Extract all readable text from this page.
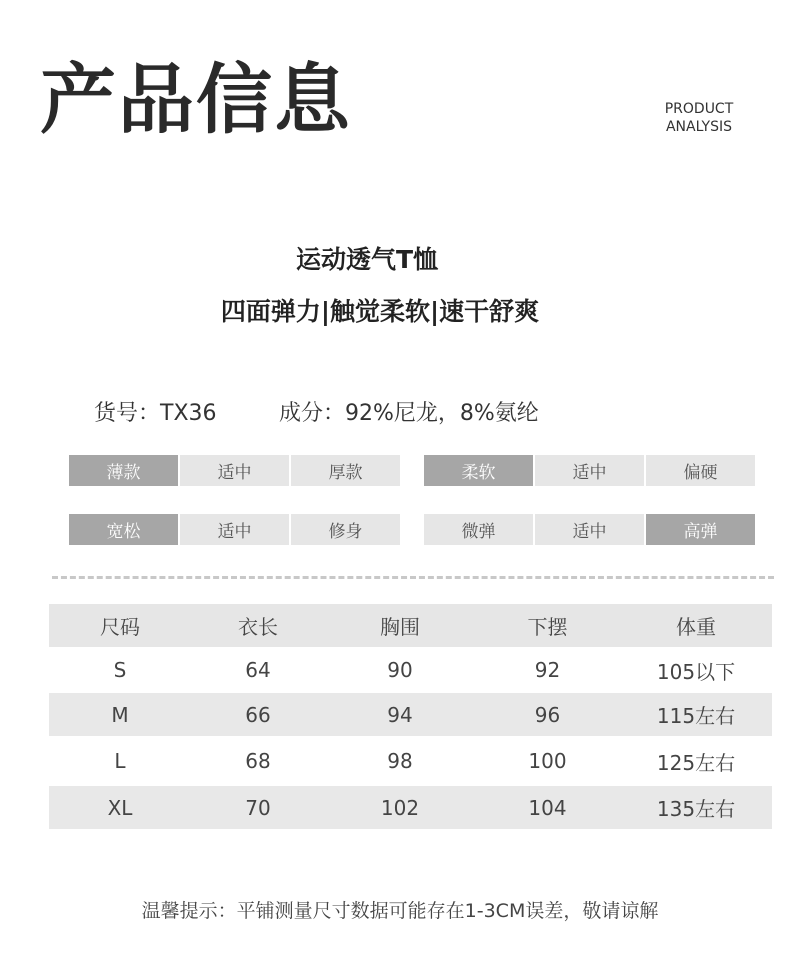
产品信息	PRODUCT
ANALYSIS
运动透气T恤
四面弹力|触觉柔软|速干舒爽
货号：TX36	成分：92%尼龙，8%氨纶
薄款	适中	厚款	柔软	适中	偏硬
宽松	适中	修身	微弹	适中	高弹
尺码	衣长	胸围	下摆	体重
S	64	90	92	105以下
M	66	94	96	115左右
L	68	98	100	125左右
XL	70	102	104	135左右
温馨提示：平铺测量尺寸数据可能存在1-3CM误差，敬请谅解
